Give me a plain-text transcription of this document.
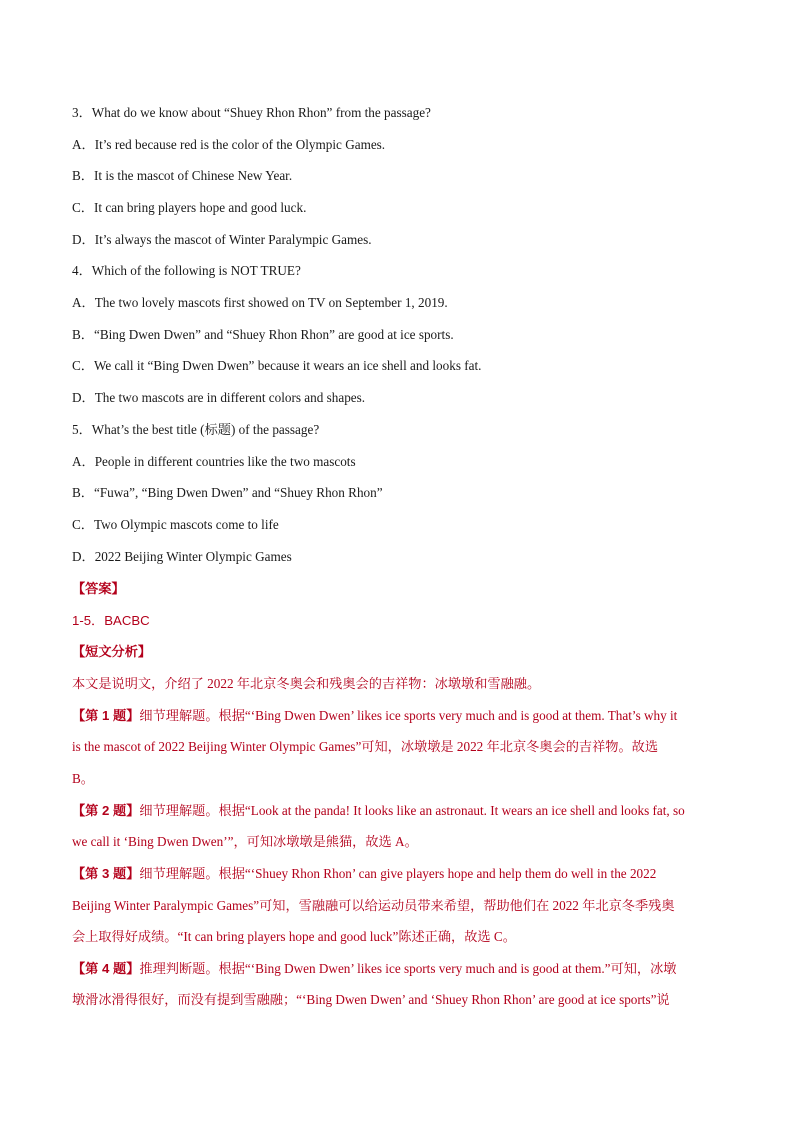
3．What do we know about “Shuey Rhon Rhon” from the passage?
A．It’s red because red is the color of the Olympic Games.
B．It is the mascot of Chinese New Year.
C．It can bring players hope and good luck.
D．It’s always the mascot of Winter Paralympic Games.
4．Which of the following is NOT TRUE?
A．The two lovely mascots first showed on TV on September 1, 2019.
B．“Bing Dwen Dwen” and “Shuey Rhon Rhon” are good at ice sports.
C．We call it “Bing Dwen Dwen” because it wears an ice shell and looks fat.
D．The two mascots are in different colors and shapes.
5．What’s the best title (标题) of the passage?
A．People in different countries like the two mascots
B．“Fuwa”, “Bing Dwen Dwen” and “Shuey Rhon Rhon”
C．Two Olympic mascots come to life
D．2022 Beijing Winter Olympic Games
【答案】
1-5．BACBC
【短文分析】
本文是说明文，介绍了 2022 年北京冬奥会和残奥会的吉祥物：冰墩墩和雪融融。
【第 1 题】细节理解题。根据“‘Bing Dwen Dwen’ likes ice sports very much and is good at them. That’s why it
is the mascot of 2022 Beijing Winter Olympic Games”可知，冰墩墩是 2022 年北京冬奥会的吉祥物。故选
B。
【第 2 题】细节理解题。根据“Look at the panda! It looks like an astronaut. It wears an ice shell and looks fat, so
we call it ‘Bing Dwen Dwen’”，可知冰墩墩是熊猫，故选 A。
【第 3 题】细节理解题。根据“‘Shuey Rhon Rhon’ can give players hope and help them do well in the 2022
Beijing Winter Paralympic Games”可知，雪融融可以给运动员带来希望，帮助他们在 2022 年北京冬季残奥
会上取得好成绩。“It can bring players hope and good luck”陈述正确，故选 C。
【第 4 题】推理判断题。根据“‘Bing Dwen Dwen’ likes ice sports very much and is good at them.”可知，冰墩
墩滑冰滑得很好，而没有提到雪融融；“‘Bing Dwen Dwen’ and ‘Shuey Rhon Rhon’ are good at ice sports”说
